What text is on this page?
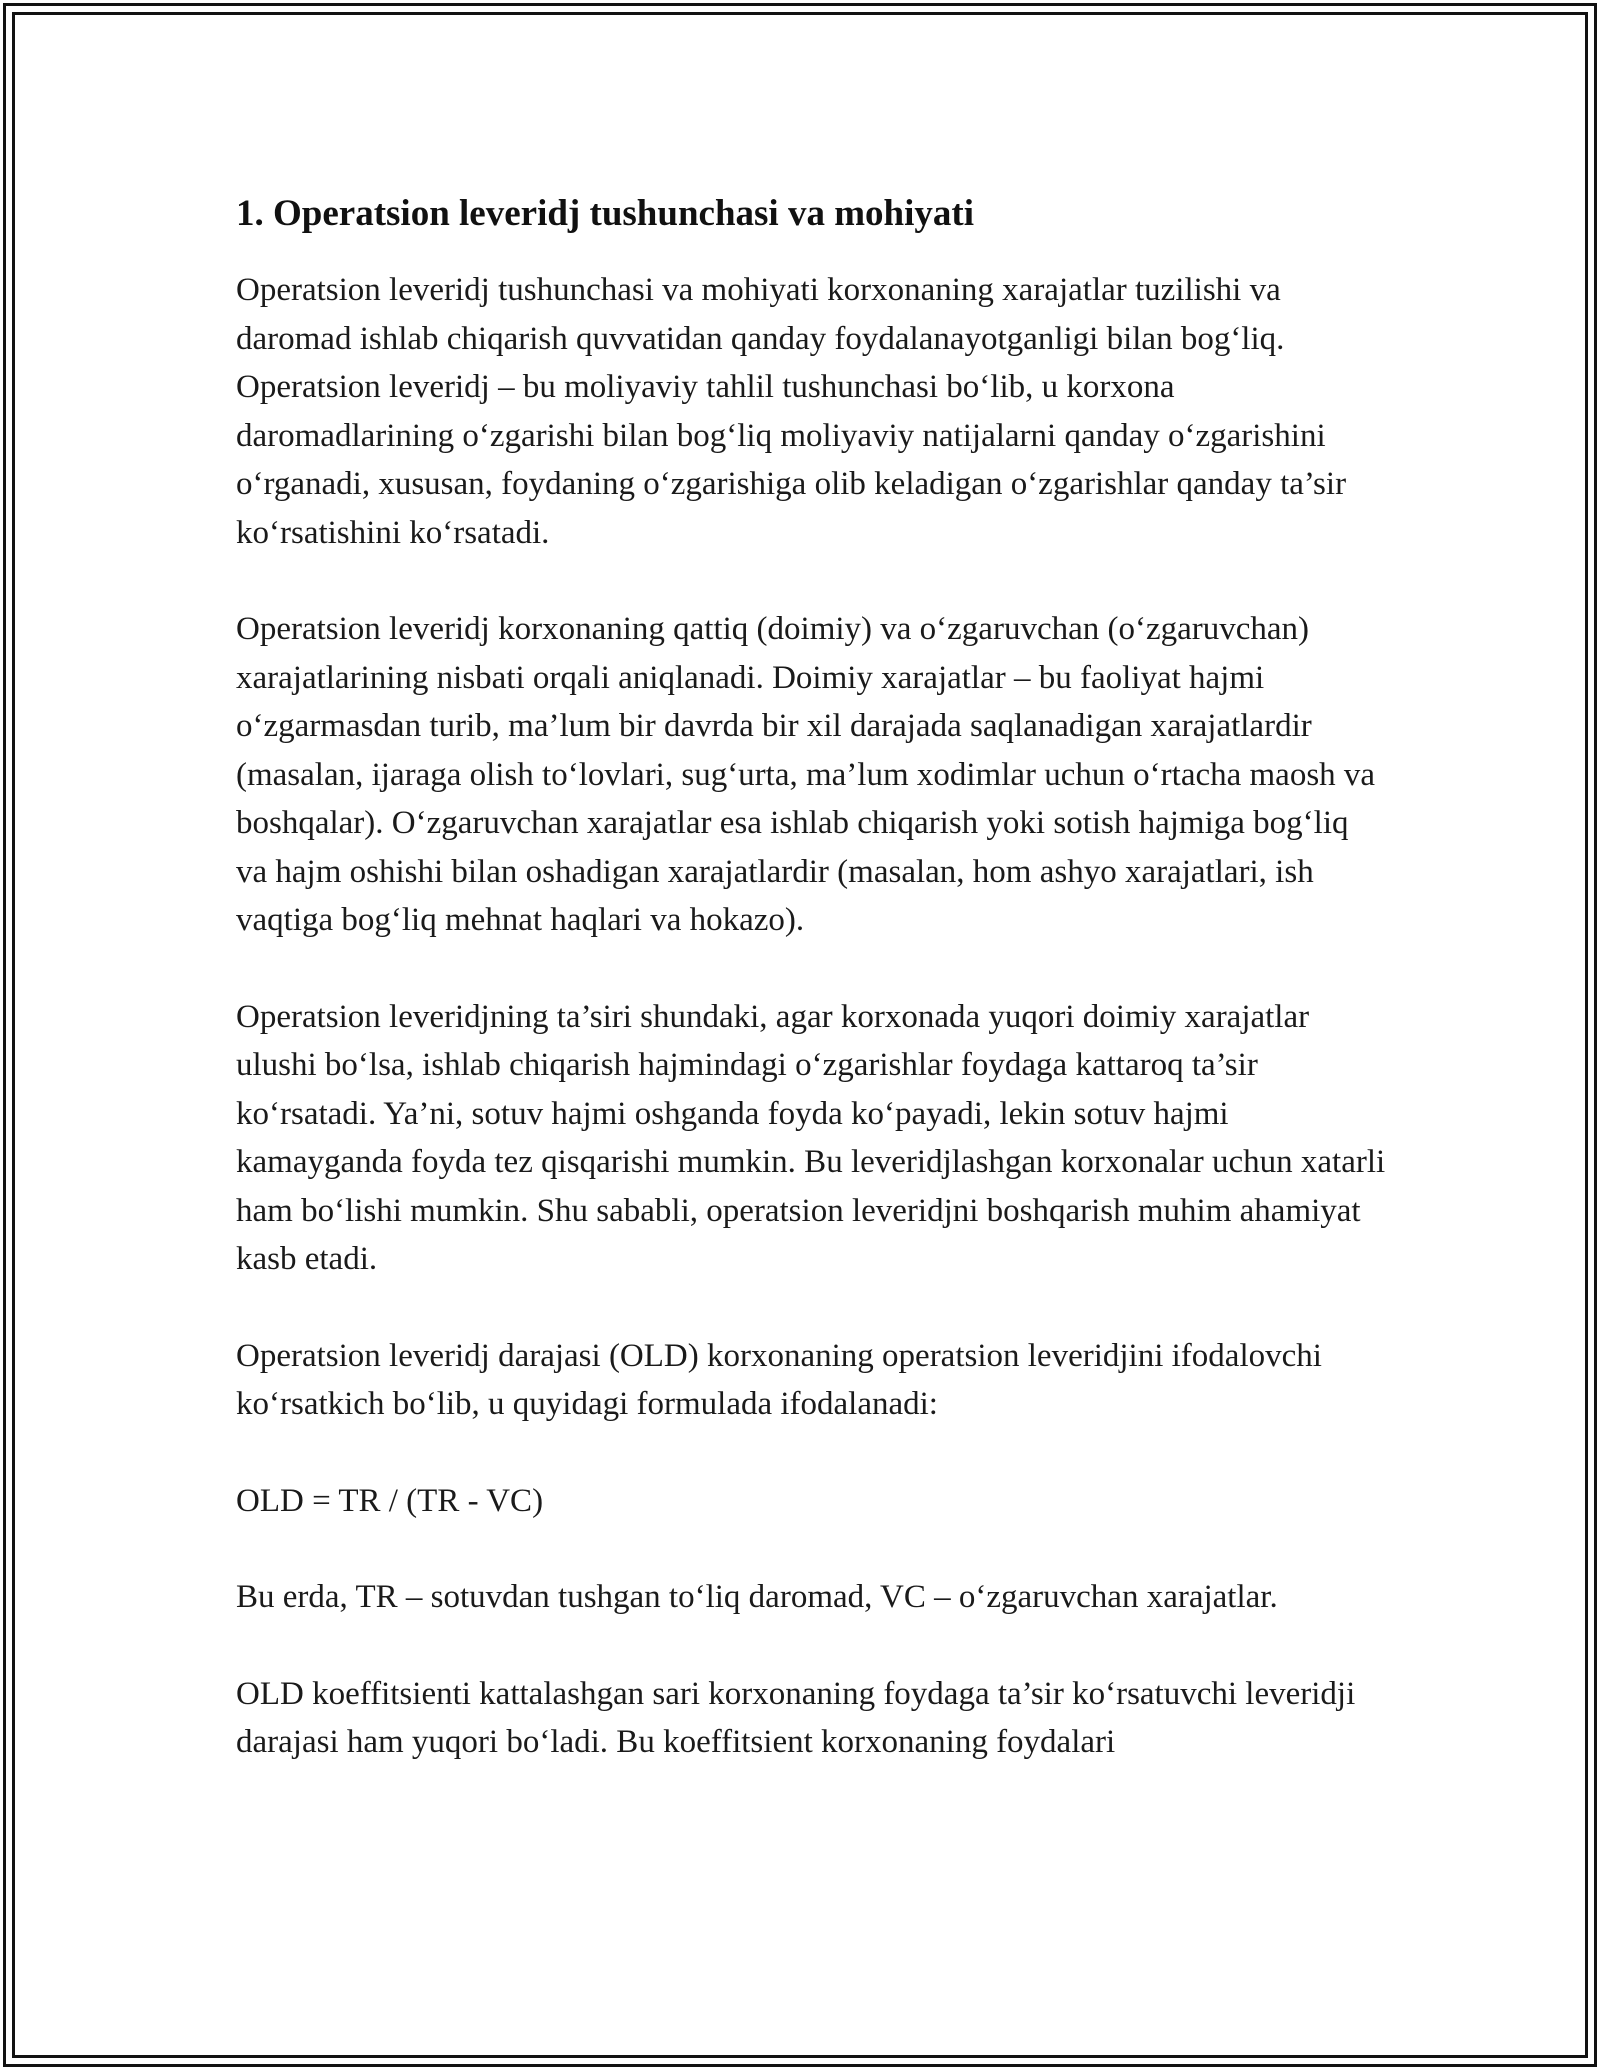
1. Operatsion leveridj tushunchasi va mohiyati

Operatsion leveridj tushunchasi va mohiyati korxonaning xarajatlar tuzilishi va daromad ishlab chiqarish quvvatidan qanday foydalanayotganligi bilan bog‘liq. Operatsion leveridj – bu moliyaviy tahlil tushunchasi bo‘lib, u korxona daromadlarining o‘zgarishi bilan bog‘liq moliyaviy natijalarni qanday o‘zgarishini o‘rganadi, xususan, foydaning o‘zgarishiga olib keladigan o‘zgarishlar qanday ta’sir ko‘rsatishini ko‘rsatadi.

Operatsion leveridj korxonaning qattiq (doimiy) va o‘zgaruvchan (o‘zgaruvchan) xarajatlarining nisbati orqali aniqlanadi. Doimiy xarajatlar – bu faoliyat hajmi o‘zgarmasdan turib, ma’lum bir davrda bir xil darajada saqlanadigan xarajatlardir (masalan, ijaraga olish to‘lovlari, sug‘urta, ma’lum xodimlar uchun o‘rtacha maosh va boshqalar). O‘zgaruvchan xarajatlar esa ishlab chiqarish yoki sotish hajmiga bog‘liq va hajm oshishi bilan oshadigan xarajatlardir (masalan, hom ashyo xarajatlari, ish vaqtiga bog‘liq mehnat haqlari va hokazo).

Operatsion leveridjning ta’siri shundaki, agar korxonada yuqori doimiy xarajatlar ulushi bo‘lsa, ishlab chiqarish hajmindagi o‘zgarishlar foydaga kattaroq ta’sir ko‘rsatadi. Ya’ni, sotuv hajmi oshganda foyda ko‘payadi, lekin sotuv hajmi kamayganda foyda tez qisqarishi mumkin. Bu leveridjlashgan korxonalar uchun xatarli ham bo‘lishi mumkin. Shu sababli, operatsion leveridjni boshqarish muhim ahamiyat kasb etadi.

Operatsion leveridj darajasi (OLD) korxonaning operatsion leveridjini ifodalovchi ko‘rsatkich bo‘lib, u quyidagi formulada ifodalanadi:

OLD = TR / (TR - VC)

Bu erda, TR – sotuvdan tushgan to‘liq daromad, VC – o‘zgaruvchan xarajatlar.

OLD koeffitsienti kattalashgan sari korxonaning foydaga ta’sir ko‘rsatuvchi leveridji darajasi ham yuqori bo‘ladi. Bu koeffitsient korxonaning foydalari
